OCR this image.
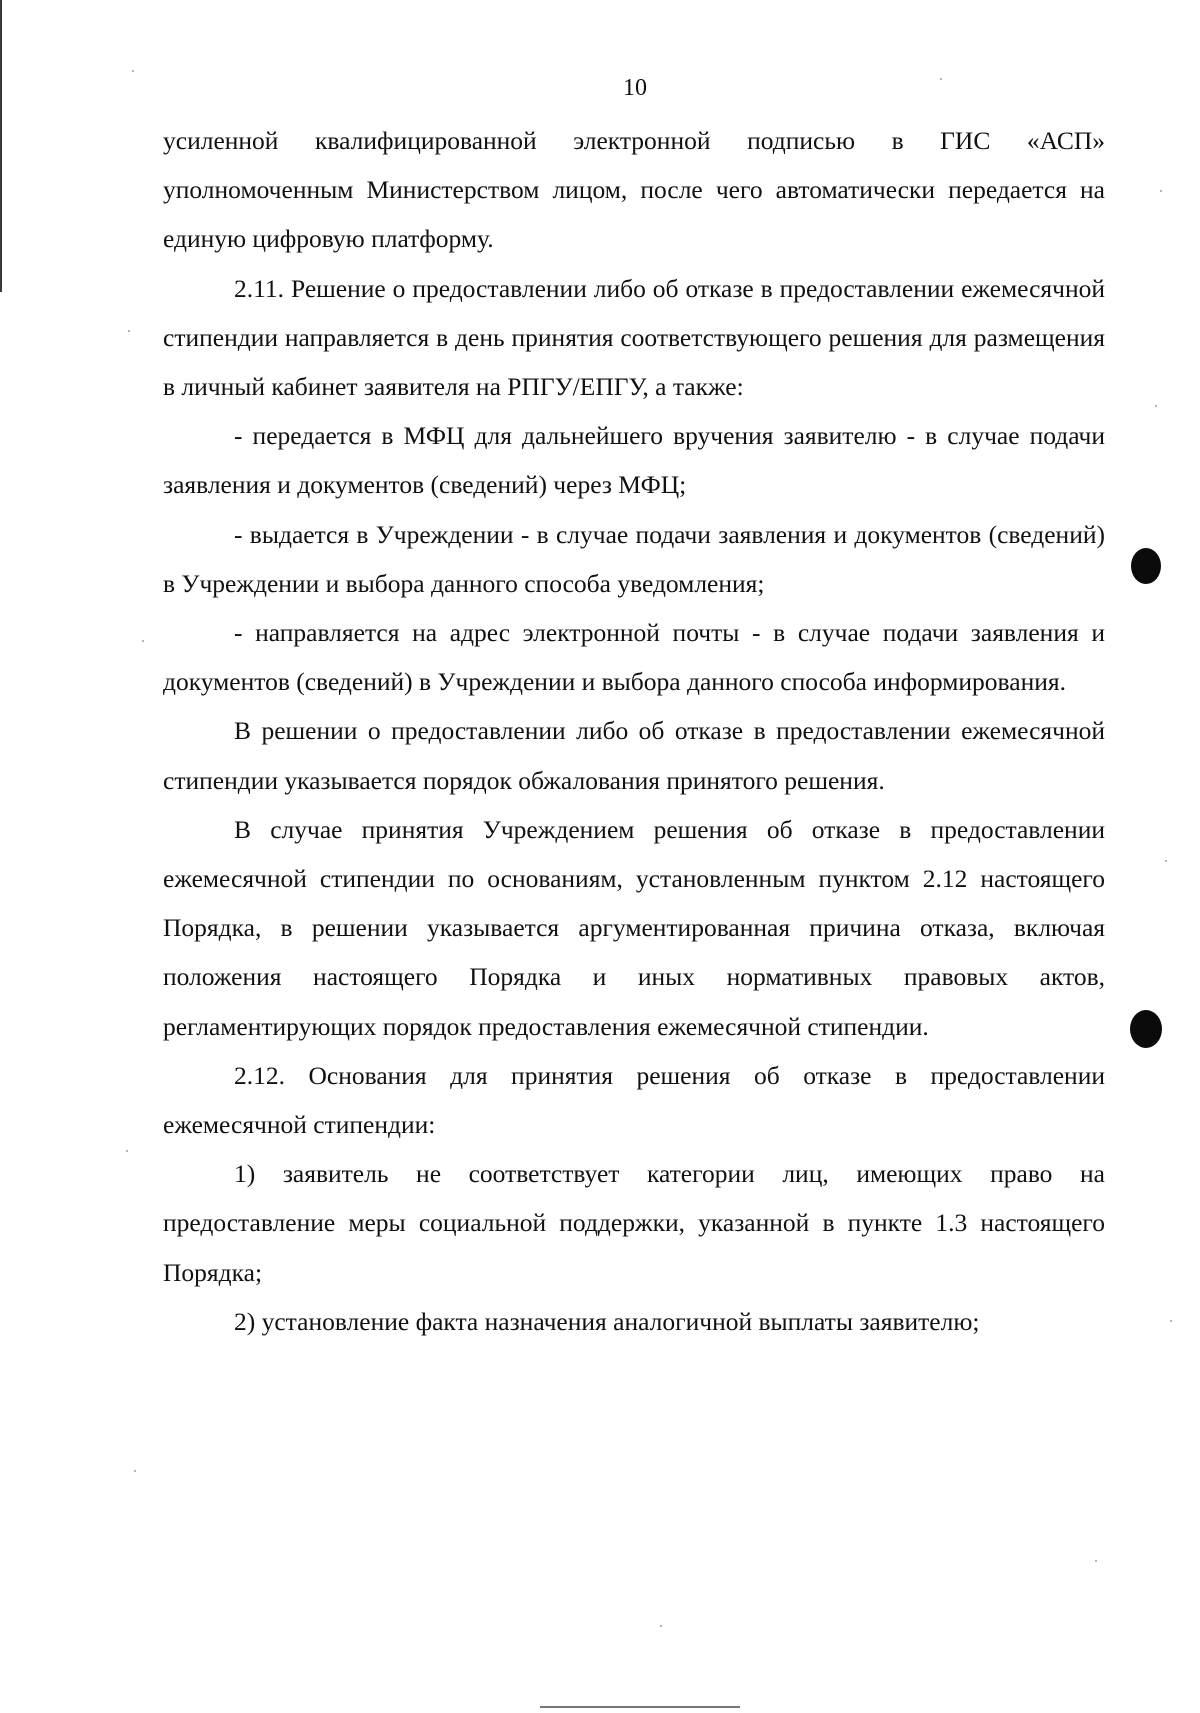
10

усиленной квалифицированной электронной подписью в ГИС «АСП» уполномоченным Министерством лицом, после чего автоматически передается на единую цифровую платформу.

2.11. Решение о предоставлении либо об отказе в предоставлении ежемесячной стипендии направляется в день принятия соответствующего решения для размещения в личный кабинет заявителя на РПГУ/ЕПГУ, а также:

- передается в МФЦ для дальнейшего вручения заявителю - в случае подачи заявления и документов (сведений) через МФЦ;

- выдается в Учреждении - в случае подачи заявления и документов (сведений) в Учреждении и выбора данного способа уведомления;

- направляется на адрес электронной почты - в случае подачи заявления и документов (сведений) в Учреждении и выбора данного способа информирования.

В решении о предоставлении либо об отказе в предоставлении ежемесячной стипендии указывается порядок обжалования принятого решения.

В случае принятия Учреждением решения об отказе в предоставлении ежемесячной стипендии по основаниям, установленным пунктом 2.12 настоящего Порядка, в решении указывается аргументированная причина отказа, включая положения настоящего Порядка и иных нормативных правовых актов, регламентирующих порядок предоставления ежемесячной стипендии.

2.12. Основания для принятия решения об отказе в предоставлении ежемесячной стипендии:

1) заявитель не соответствует категории лиц, имеющих право на предоставление меры социальной поддержки, указанной в пункте 1.3 настоящего Порядка;

2) установление факта назначения аналогичной выплаты заявителю;
